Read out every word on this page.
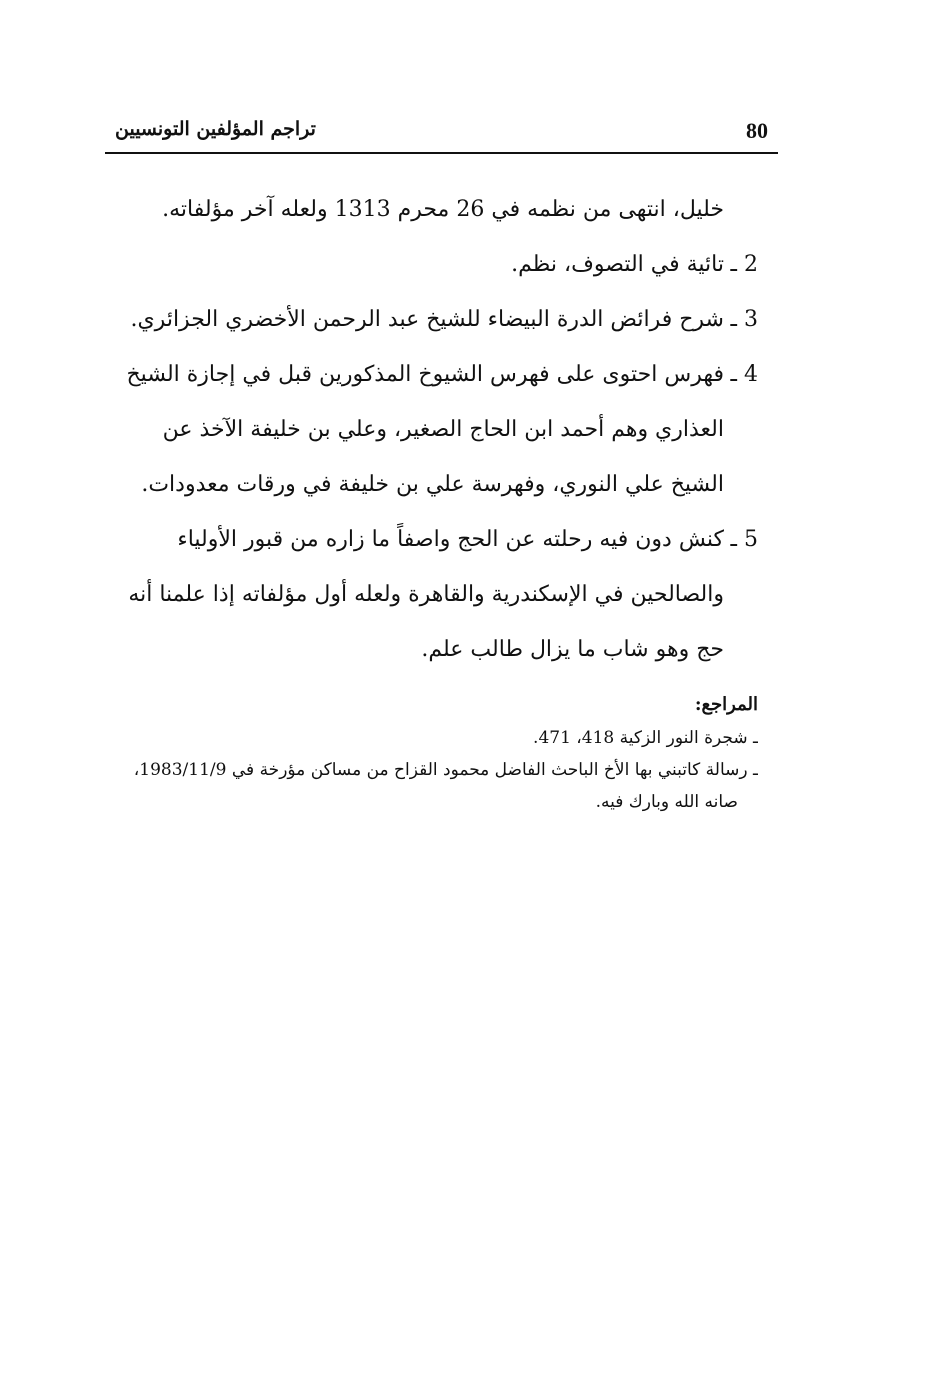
80
تراجم المؤلفين التونسيين
خليل، انتهى من نظمه في 26 محرم 1313 ولعله آخر مؤلفاته.
2 ـ
تائية في التصوف، نظم.
3 ـ
شرح فرائض الدرة البيضاء للشيخ عبد الرحمن الأخضري الجزائري.
4 ـ
فهرس احتوى على فهرس الشيوخ المذكورين قبل في إجازة الشيخ
العذاري وهم أحمد ابن الحاج الصغير، وعلي بن خليفة الآخذ عن
الشيخ علي النوري، وفهرسة علي بن خليفة في ورقات معدودات.
5 ـ
كنش دون فيه رحلته عن الحج واصفاً ما زاره من قبور الأولياء
والصالحين في الإسكندرية والقاهرة ولعله أول مؤلفاته إذا علمنا أنه
حج وهو شاب ما يزال طالب علم.
المراجع:
ـ شجرة النور الزكية 418، 471.
ـ رسالة كاتبني بها الأخ الباحث الفاضل محمود القزاح من مساكن مؤرخة في 1983/11/9،
صانه الله وبارك فيه.
